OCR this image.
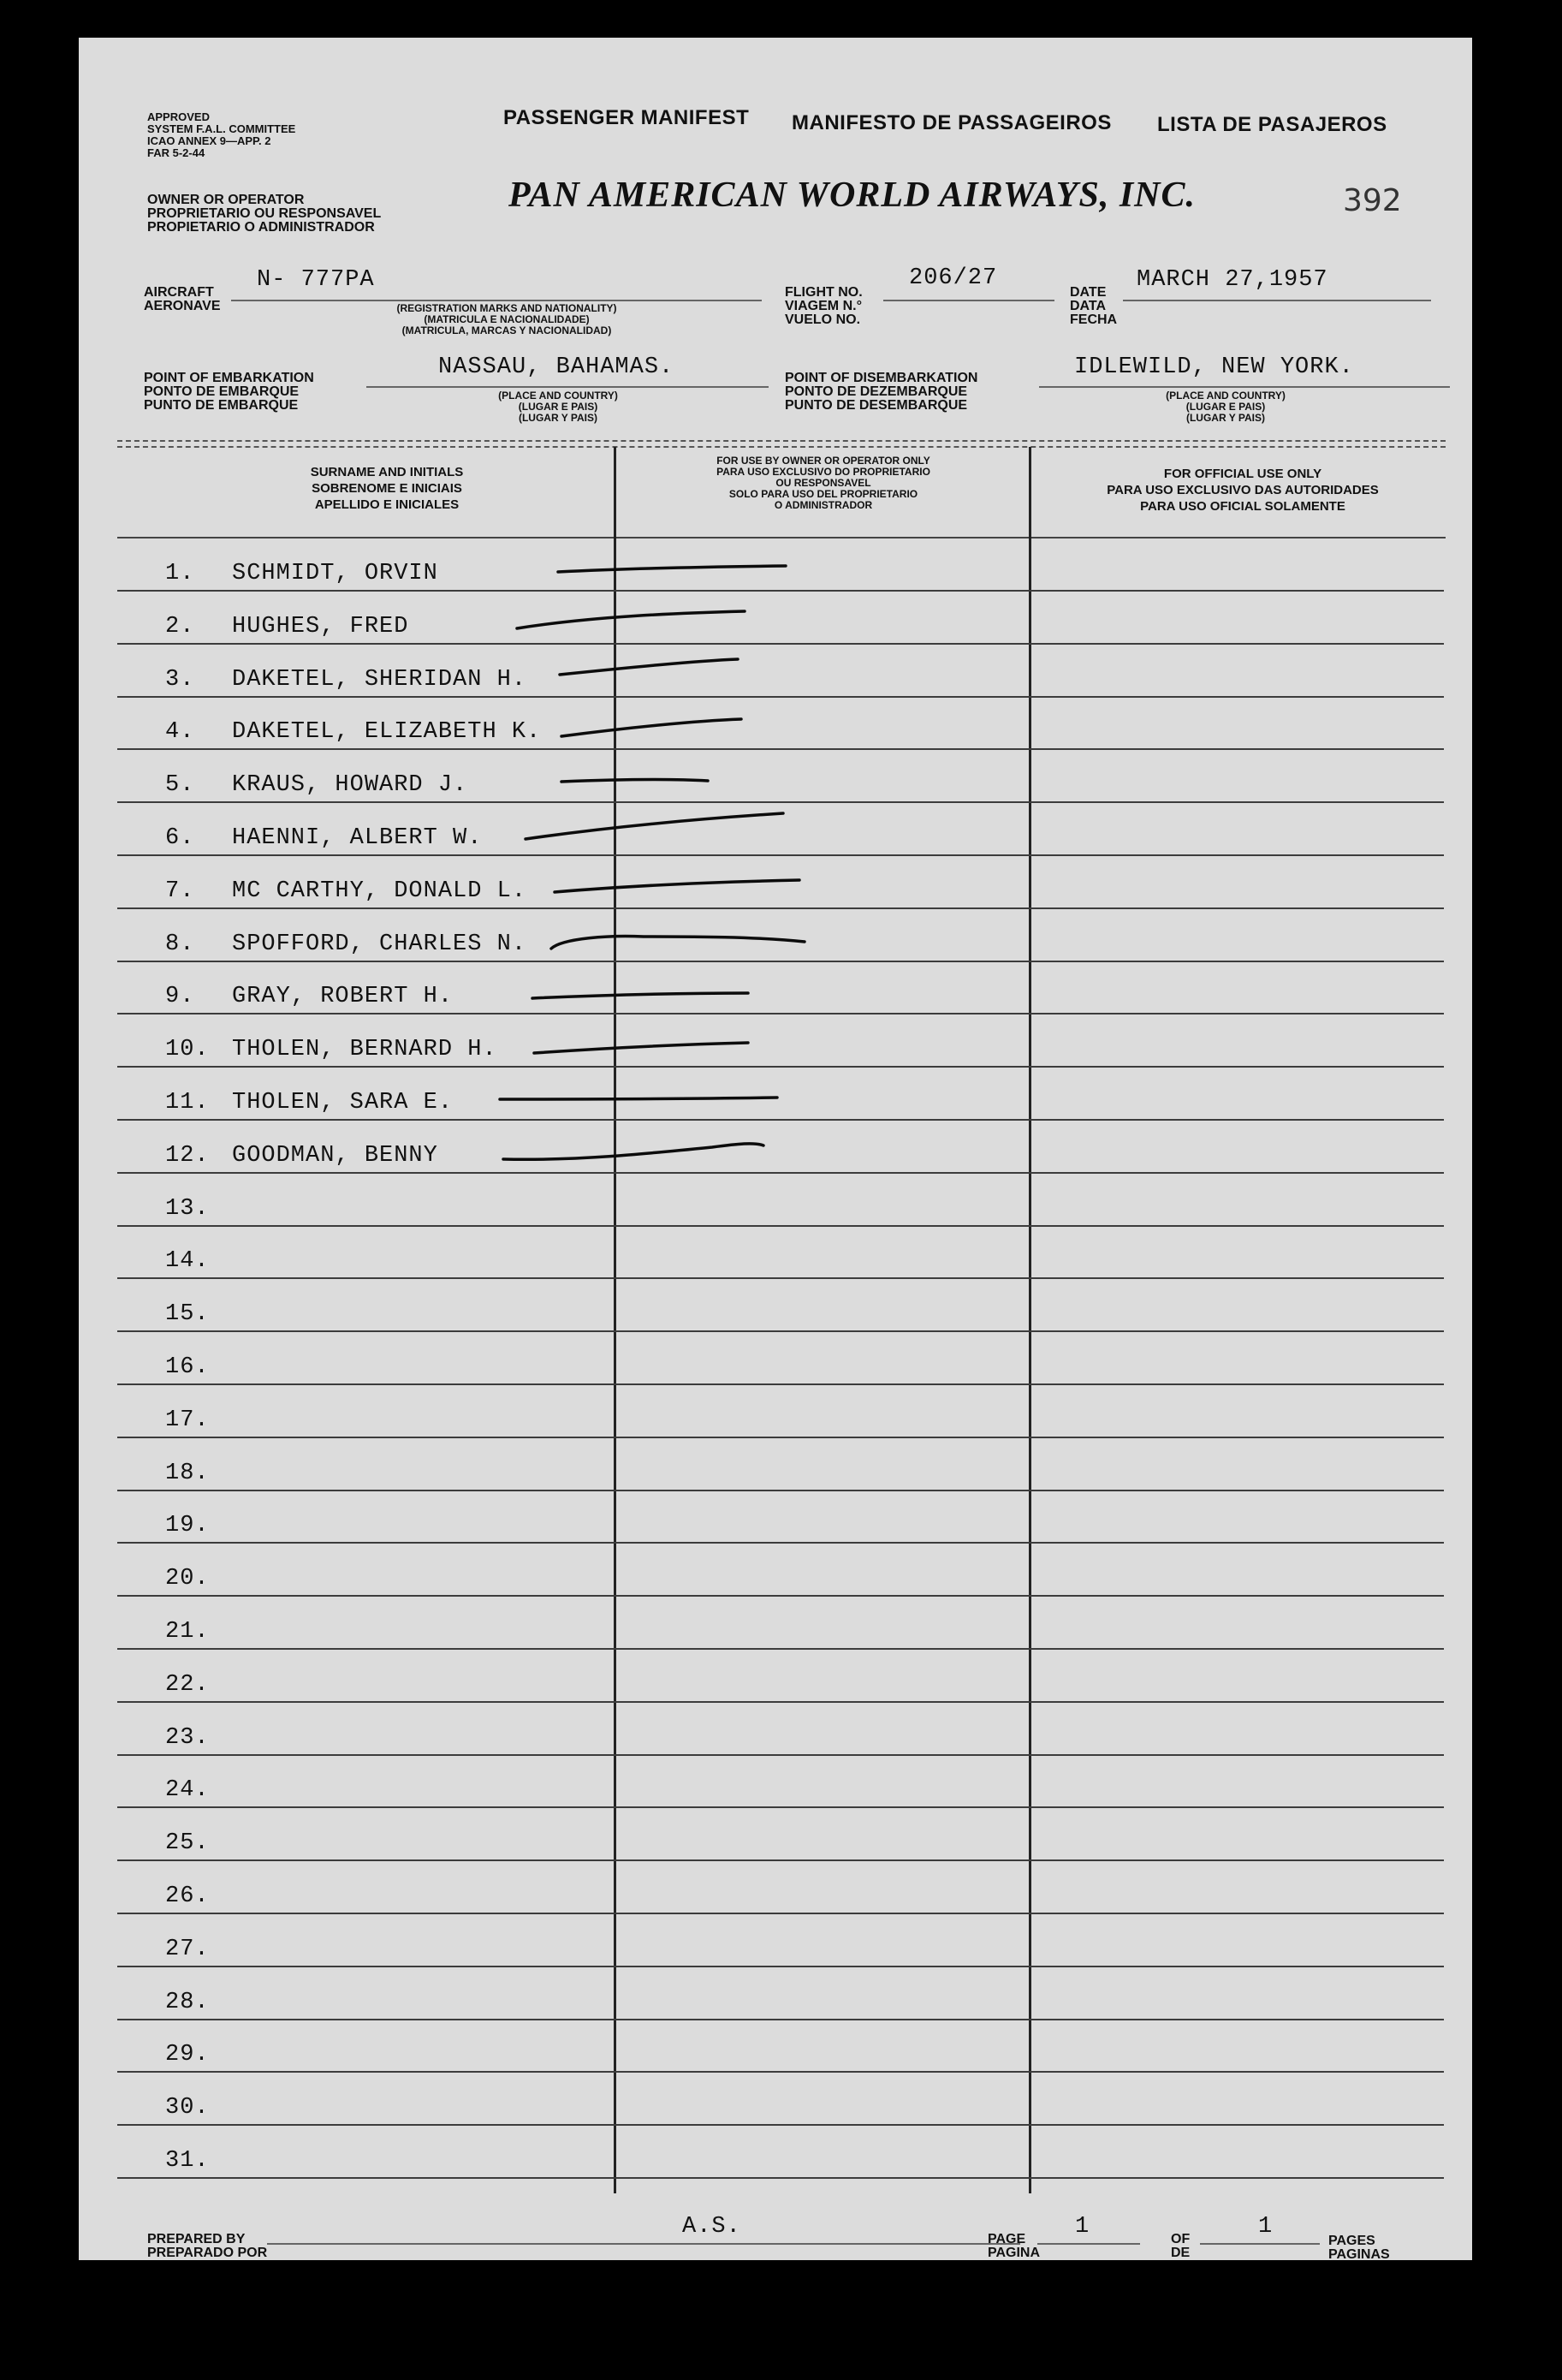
APPROVED
SYSTEM F.A.L. COMMITTEE
ICAO ANNEX 9—APP. 2
FAR 5-2-44
PASSENGER MANIFEST MANIFESTO DE PASSAGEIROS LISTA DE PASAJEROS
OWNER OR OPERATOR
PROPRIETARIO OU RESPONSAVEL
PROPIETARIO O ADMINISTRADOR
PAN AMERICAN WORLD AIRWAYS, INC.	392
AIRCRAFT
AERONAVE
N- 777PA
(REGISTRATION MARKS AND NATIONALITY)
(MATRICULA E NACIONALIDADE)
(MATRICULA, MARCAS Y NACIONALIDAD)
FLIGHT NO.
VIAGEM N.°
VUELO NO.
206/27
DATE
DATA
FECHA
MARCH 27,1957
POINT OF EMBARKATION
PONTO DE EMBARQUE
PUNTO DE EMBARQUE
NASSAU, BAHAMAS.
(PLACE AND COUNTRY)
(LUGAR E PAIS)
(LUGAR Y PAIS)
POINT OF DISEMBARKATION
PONTO DE DEZEMBARQUE
PUNTO DE DESEMBARQUE
IDLEWILD, NEW YORK.
(PLACE AND COUNTRY)
(LUGAR E PAIS)
(LUGAR Y PAIS)
SURNAME AND INITIALS
SOBRENOME E INICIAIS
APELLIDO E INICIALES
FOR USE BY OWNER OR OPERATOR ONLY
PARA USO EXCLUSIVO DO PROPRIETARIO
OU RESPONSAVEL
SOLO PARA USO DEL PROPRIETARIO
O ADMINISTRADOR
FOR OFFICIAL USE ONLY
PARA USO EXCLUSIVO DAS AUTORIDADES
PARA USO OFICIAL SOLAMENTE
1. SCHMIDT, ORVIN
2. HUGHES, FRED
3. DAKETEL, SHERIDAN H.
4. DAKETEL, ELIZABETH K.
5. KRAUS, HOWARD J.
6. HAENNI, ALBERT W.
7. MC CARTHY, DONALD L.
8. SPOFFORD, CHARLES N.
9. GRAY, ROBERT H.
10. THOLEN, BERNARD H.
11. THOLEN, SARA E.
12. GOODMAN, BENNY
13.
14.
15.
16.
17.
18.
19.
20.
21.
22.
23.
24.
25.
26.
27.
28.
29.
30.
31.
PREPARED BY
PREPARADO POR
A.S.	PAGE
PAGINA
1	OF
DE
1
PAGES
PAGINAS
